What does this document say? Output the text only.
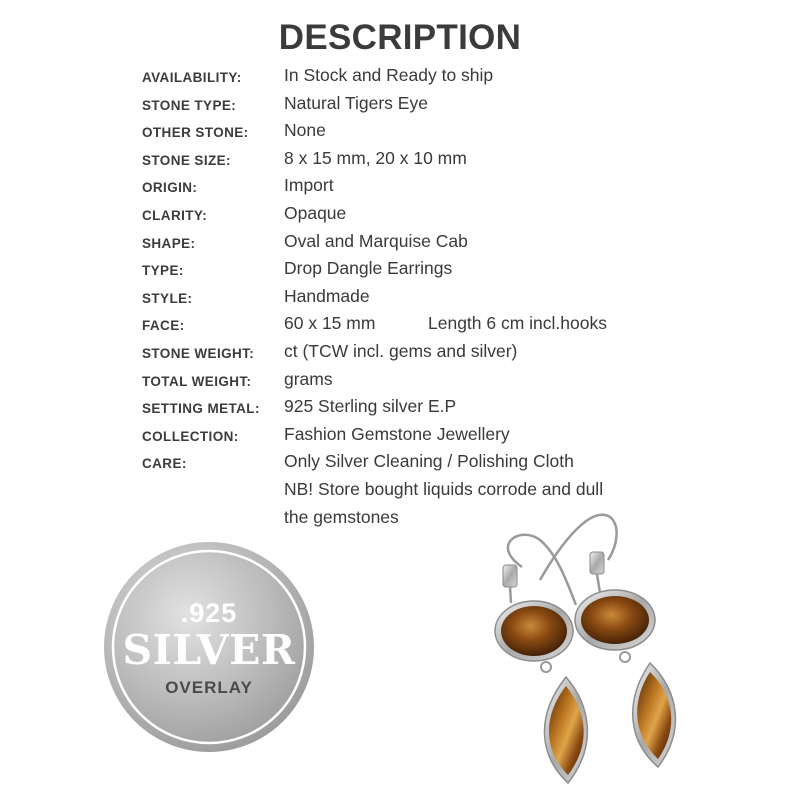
DESCRIPTION
AVAILABILITY: In Stock and Ready to ship
STONE TYPE:	Natural Tigers Eye
OTHER STONE: None
STONE SIZE:	8 x 15 mm, 20 x 10 mm
ORIGIN:	Import
CLARITY:	Opaque
SHAPE:	Oval and Marquise Cab
TYPE:	Drop Dangle Earrings
STYLE:	Handmade
FACE:	60 x 15 mm	Length 6 cm incl.hooks
STONE WEIGHT: ct (TCW incl. gems and silver)
TOTAL WEIGHT: grams
SETTING METAL: 925 Sterling silver E.P
COLLECTION:	Fashion Gemstone Jewellery
CARE:	Only Silver Cleaning / Polishing Cloth
NB! Store bought liquids corrode and dull
the gemstones
.925
SILVER
OVERLAY
